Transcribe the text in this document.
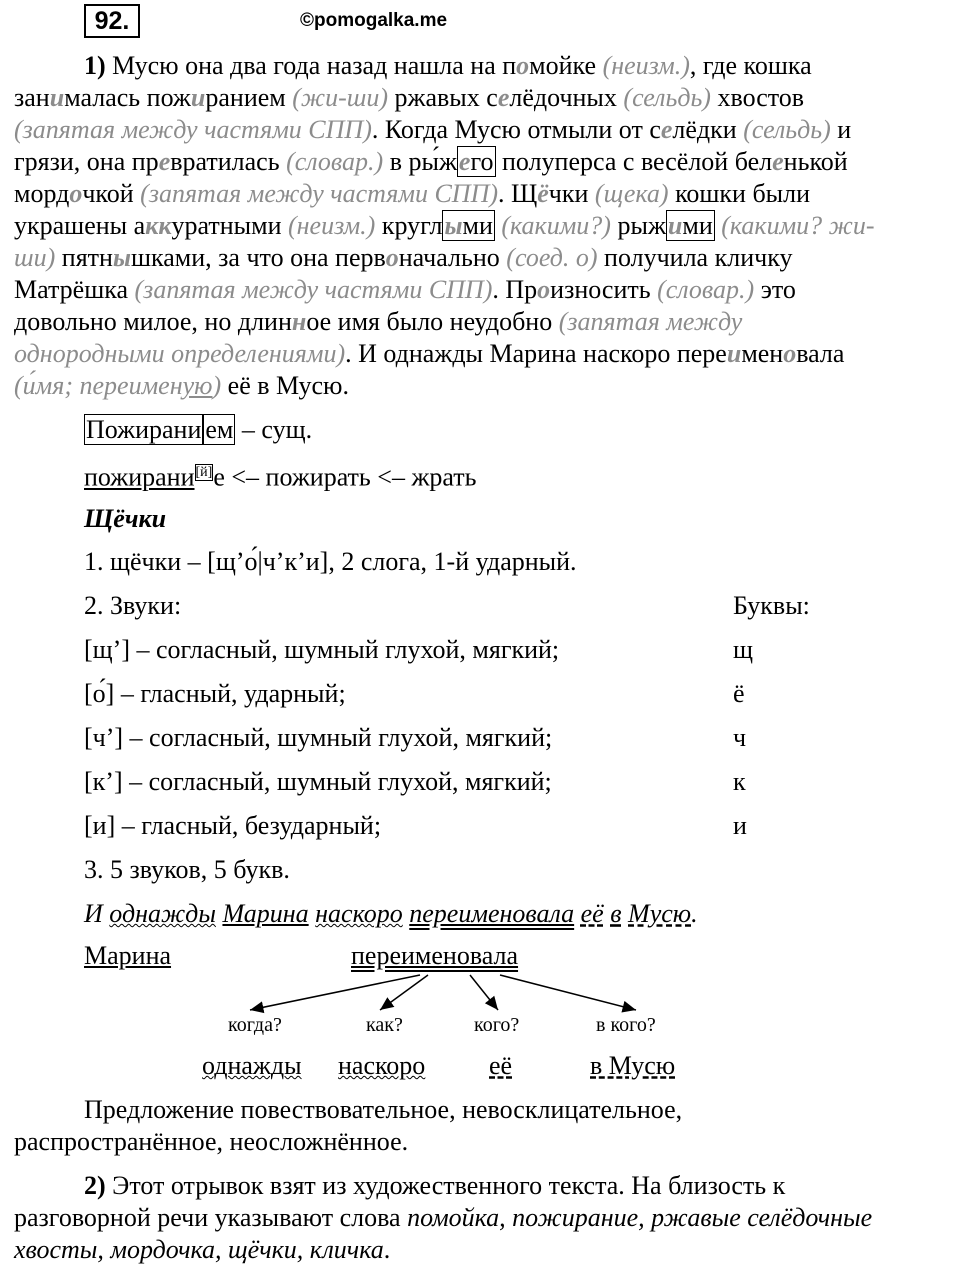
92.	©pomogalka.me
1) Мусю она два года назад нашла на помойке (неизм.), где кошка
занималась пожиранием (жи-ши) ржавых селёдочных (сельдь) хвостов
(запятая между частями СПП). Когда Мусю отмыли от селёдки (сельдь) и
грязи, она превратилась (словар.) в ры́жего полуперса с весёлой беленькой
мордочкой (запятая между частями СПП). Щёчки (щека) кошки были
украшены аккуратными (неизм.) круглыми (какими?) рыжими (какими? жи-
ши) пятнышками, за что она первоначально (соед. о) получила кличку
Матрёшка (запятая между частями СПП). Произносить (словар.) это
довольно милое, но длинное имя было неудобно (запятая между
однородными определениями). И однажды Марина наскоро переименовала
(и́мя; переименую) её в Мусю.
Пожирани ем – сущ.
пожирани[й]е <– пожирать <– жрать
Щёчки
1. щёчки – [щ’о́|ч’к’и], 2 слога, 1-й ударный.
2. Звуки:	Буквы:
[щ’] – согласный, шумный глухой, мягкий;	щ
[о́] – гласный, ударный;	ё
[ч’] – согласный, шумный глухой, мягкий;	ч
[к’] – согласный, шумный глухой, мягкий;	к
[и] – гласный, безударный;	и
3. 5 звуков, 5 букв.
И однажды Марина наскоро переименовала её в Мусю.
Марина	переименовала
когда?	как?	кого?	в кого?
однажды наскоро её	в Мусю
Предложение повествовательное, невосклицательное,
распространённое, неосложнённое.
2) Этот отрывок взят из художественного текста. На близость к
разговорной речи указывают слова помойка, пожирание, ржавые селёдочные
хвосты, мордочка, щёчки, кличка.
